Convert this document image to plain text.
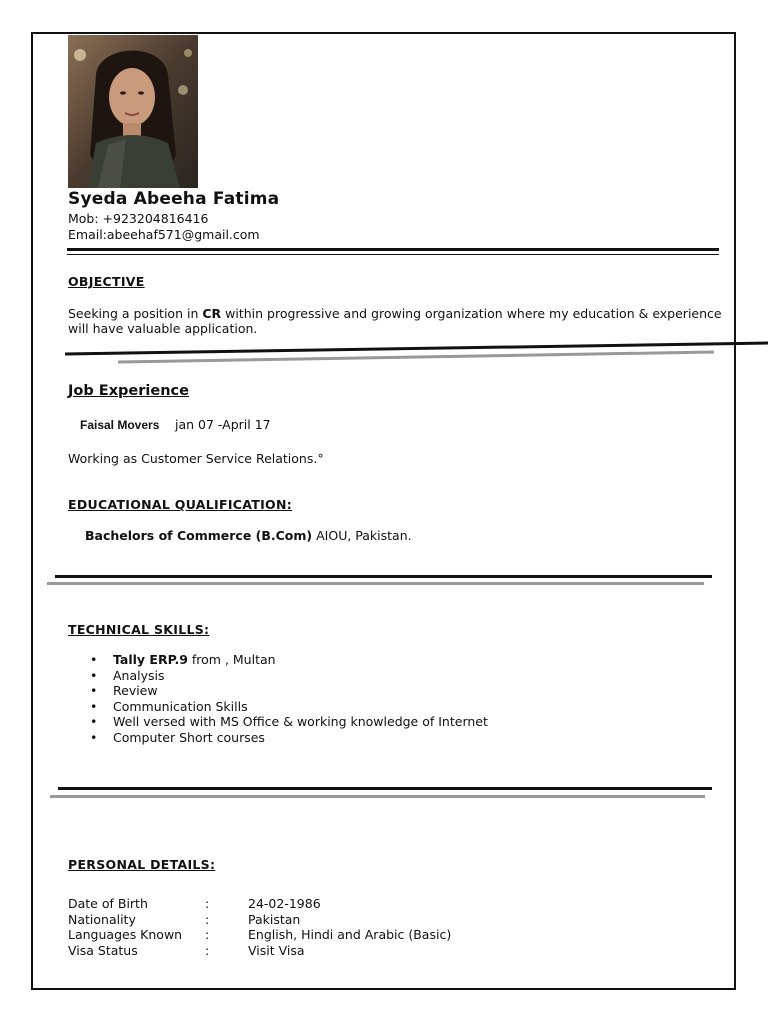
Syeda Abeeha Fatima
Mob: +923204816416
Email:abeehaf571@gmail.com
OBJECTIVE
Seeking a position in CR within progressive and growing organization where my education & experience
will have valuable application.
Job Experience
Faisal Movers jan 07 -April 17
Working as Customer Service Relations.°
EDUCATIONAL QUALIFICATION:
Bachelors of Commerce (B.Com) AIOU, Pakistan.
TECHNICAL SKILLS:
• Tally ERP.9 from , Multan
• Analysis
• Review
• Communication Skills
• Well versed with MS Office & working knowledge of Internet
• Computer Short courses
PERSONAL DETAILS:
Date of Birth	:	24-02-1986
Nationality	:	Pakistan
Languages Known	:	English, Hindi and Arabic (Basic)
Visa Status	:	Visit Visa
